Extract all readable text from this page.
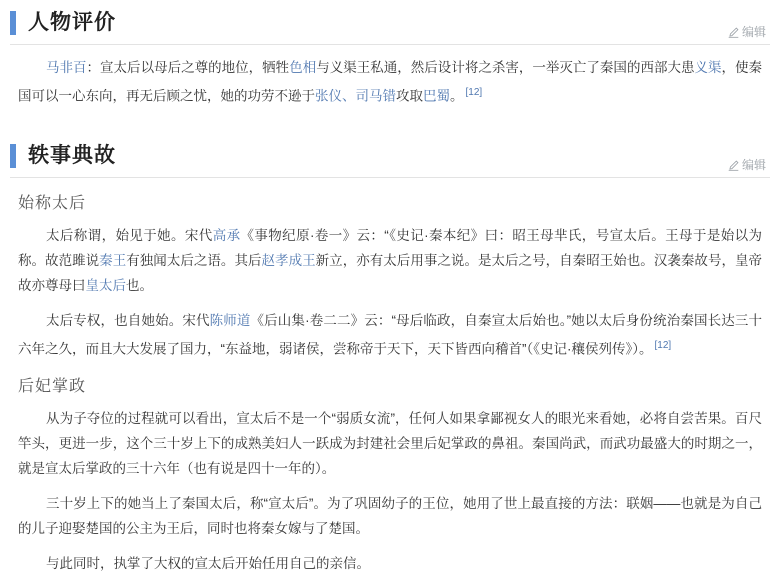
人物评价	编辑

马非百：宣太后以母后之尊的地位，牺牲色相与义渠王私通，然后设计将之杀害，一举灭亡了秦国的西部大患义渠，使秦国可以一心东向，再无后顾之忧，她的功劳不逊于张仪、司马错攻取巴蜀。 [12]

轶事典故	编辑
始称太后

太后称谓，始见于她。宋代高承《事物纪原·卷一》云：“《史记·秦本纪》曰：昭王母芈氏，号宣太后。王母于是始以为称。故范雎说秦王有独闻太后之语。其后赵孝成王新立，亦有太后用事之说。是太后之号，自秦昭王始也。汉袭秦故号，皇帝故亦尊母曰皇太后也。

太后专权，也自她始。宋代陈师道《后山集·卷二二》云：“母后临政，自秦宣太后始也。”她以太后身份统治秦国长达三十六年之久，而且大大发展了国力，“东益地，弱诸侯，尝称帝于天下，天下皆西向稽首”（《史记·穰侯列传》）。 [12]

后妃掌政

从为子夺位的过程就可以看出，宣太后不是一个“弱质女流”，任何人如果拿鄙视女人的眼光来看她，必将自尝苦果。百尺竿头，更进一步，这个三十岁上下的成熟美妇人一跃成为封建社会里后妃掌政的鼻祖。秦国尚武，而武功最盛大的时期之一，就是宣太后掌政的三十六年（也有说是四十一年的）。

三十岁上下的她当上了秦国太后，称“宣太后”。为了巩固幼子的王位，她用了世上最直接的方法：联姻——也就是为自己的儿子迎娶楚国的公主为王后，同时也将秦女嫁与了楚国。

与此同时，执掌了大权的宣太后开始任用自己的亲信。
